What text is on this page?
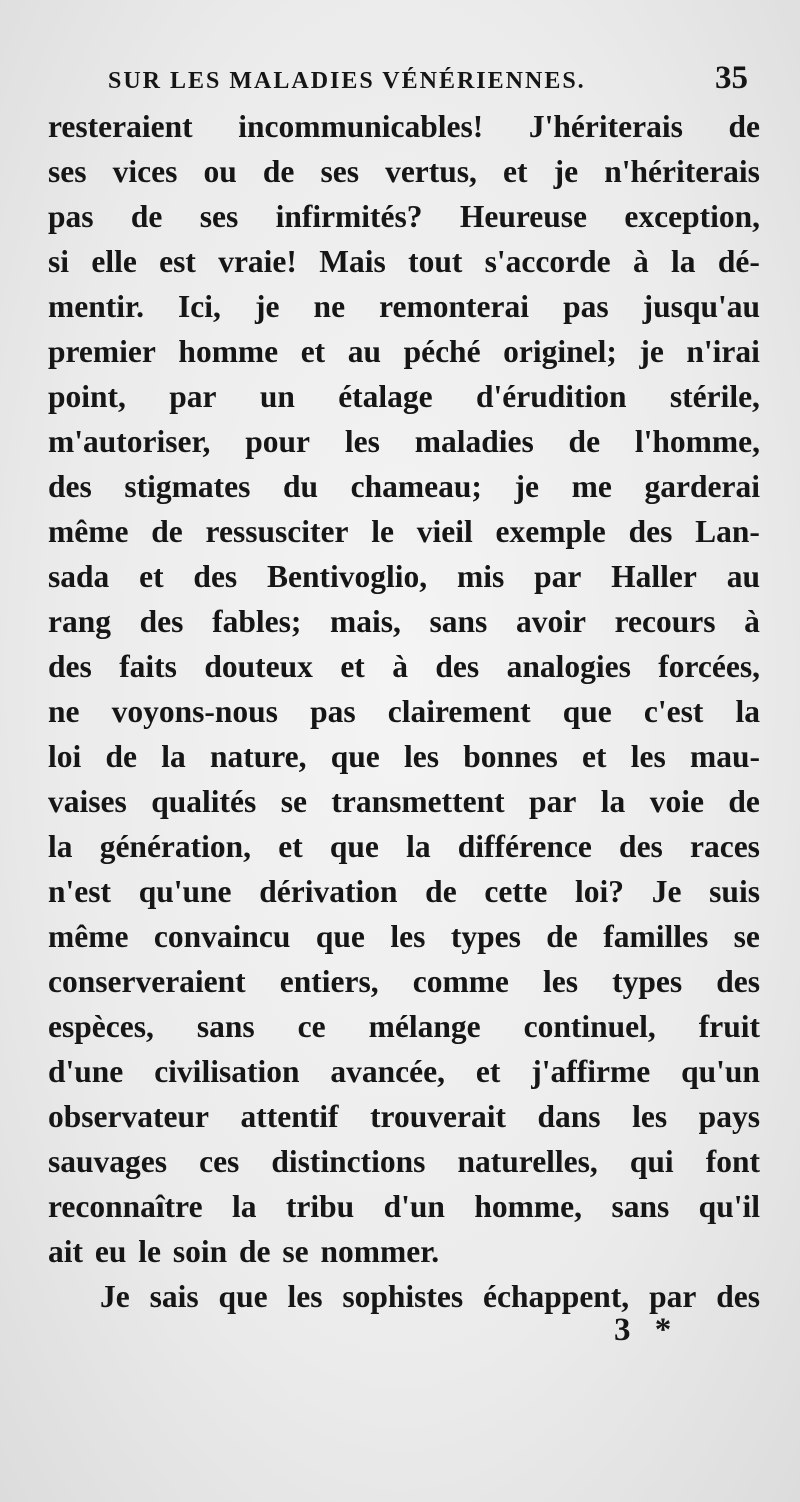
SUR LES MALADIES VÉNÉRIENNES.	35
resteraient incommunicables! J'hériterais de
ses vices ou de ses vertus, et je n'hériterais
pas de ses infirmités? Heureuse exception,
si elle est vraie! Mais tout s'accorde à la dé-
mentir. Ici, je ne remonterai pas jusqu'au
premier homme et au péché originel; je n'irai
point, par un étalage d'érudition stérile,
m'autoriser, pour les maladies de l'homme,
des stigmates du chameau; je me garderai
même de ressusciter le vieil exemple des Lan-
sada et des Bentivoglio, mis par Haller au
rang des fables; mais, sans avoir recours à
des faits douteux et à des analogies forcées,
ne voyons-nous pas clairement que c'est la
loi de la nature, que les bonnes et les mau-
vaises qualités se transmettent par la voie de
la génération, et que la différence des races
n'est qu'une dérivation de cette loi? Je suis
même convaincu que les types de familles se
conserveraient entiers, comme les types des
espèces, sans ce mélange continuel, fruit
d'une civilisation avancée, et j'affirme qu'un
observateur attentif trouverait dans les pays
sauvages ces distinctions naturelles, qui font
reconnaître la tribu d'un homme, sans qu'il
ait eu le soin de se nommer.
Je sais que les sophistes échappent, par des
3 *
